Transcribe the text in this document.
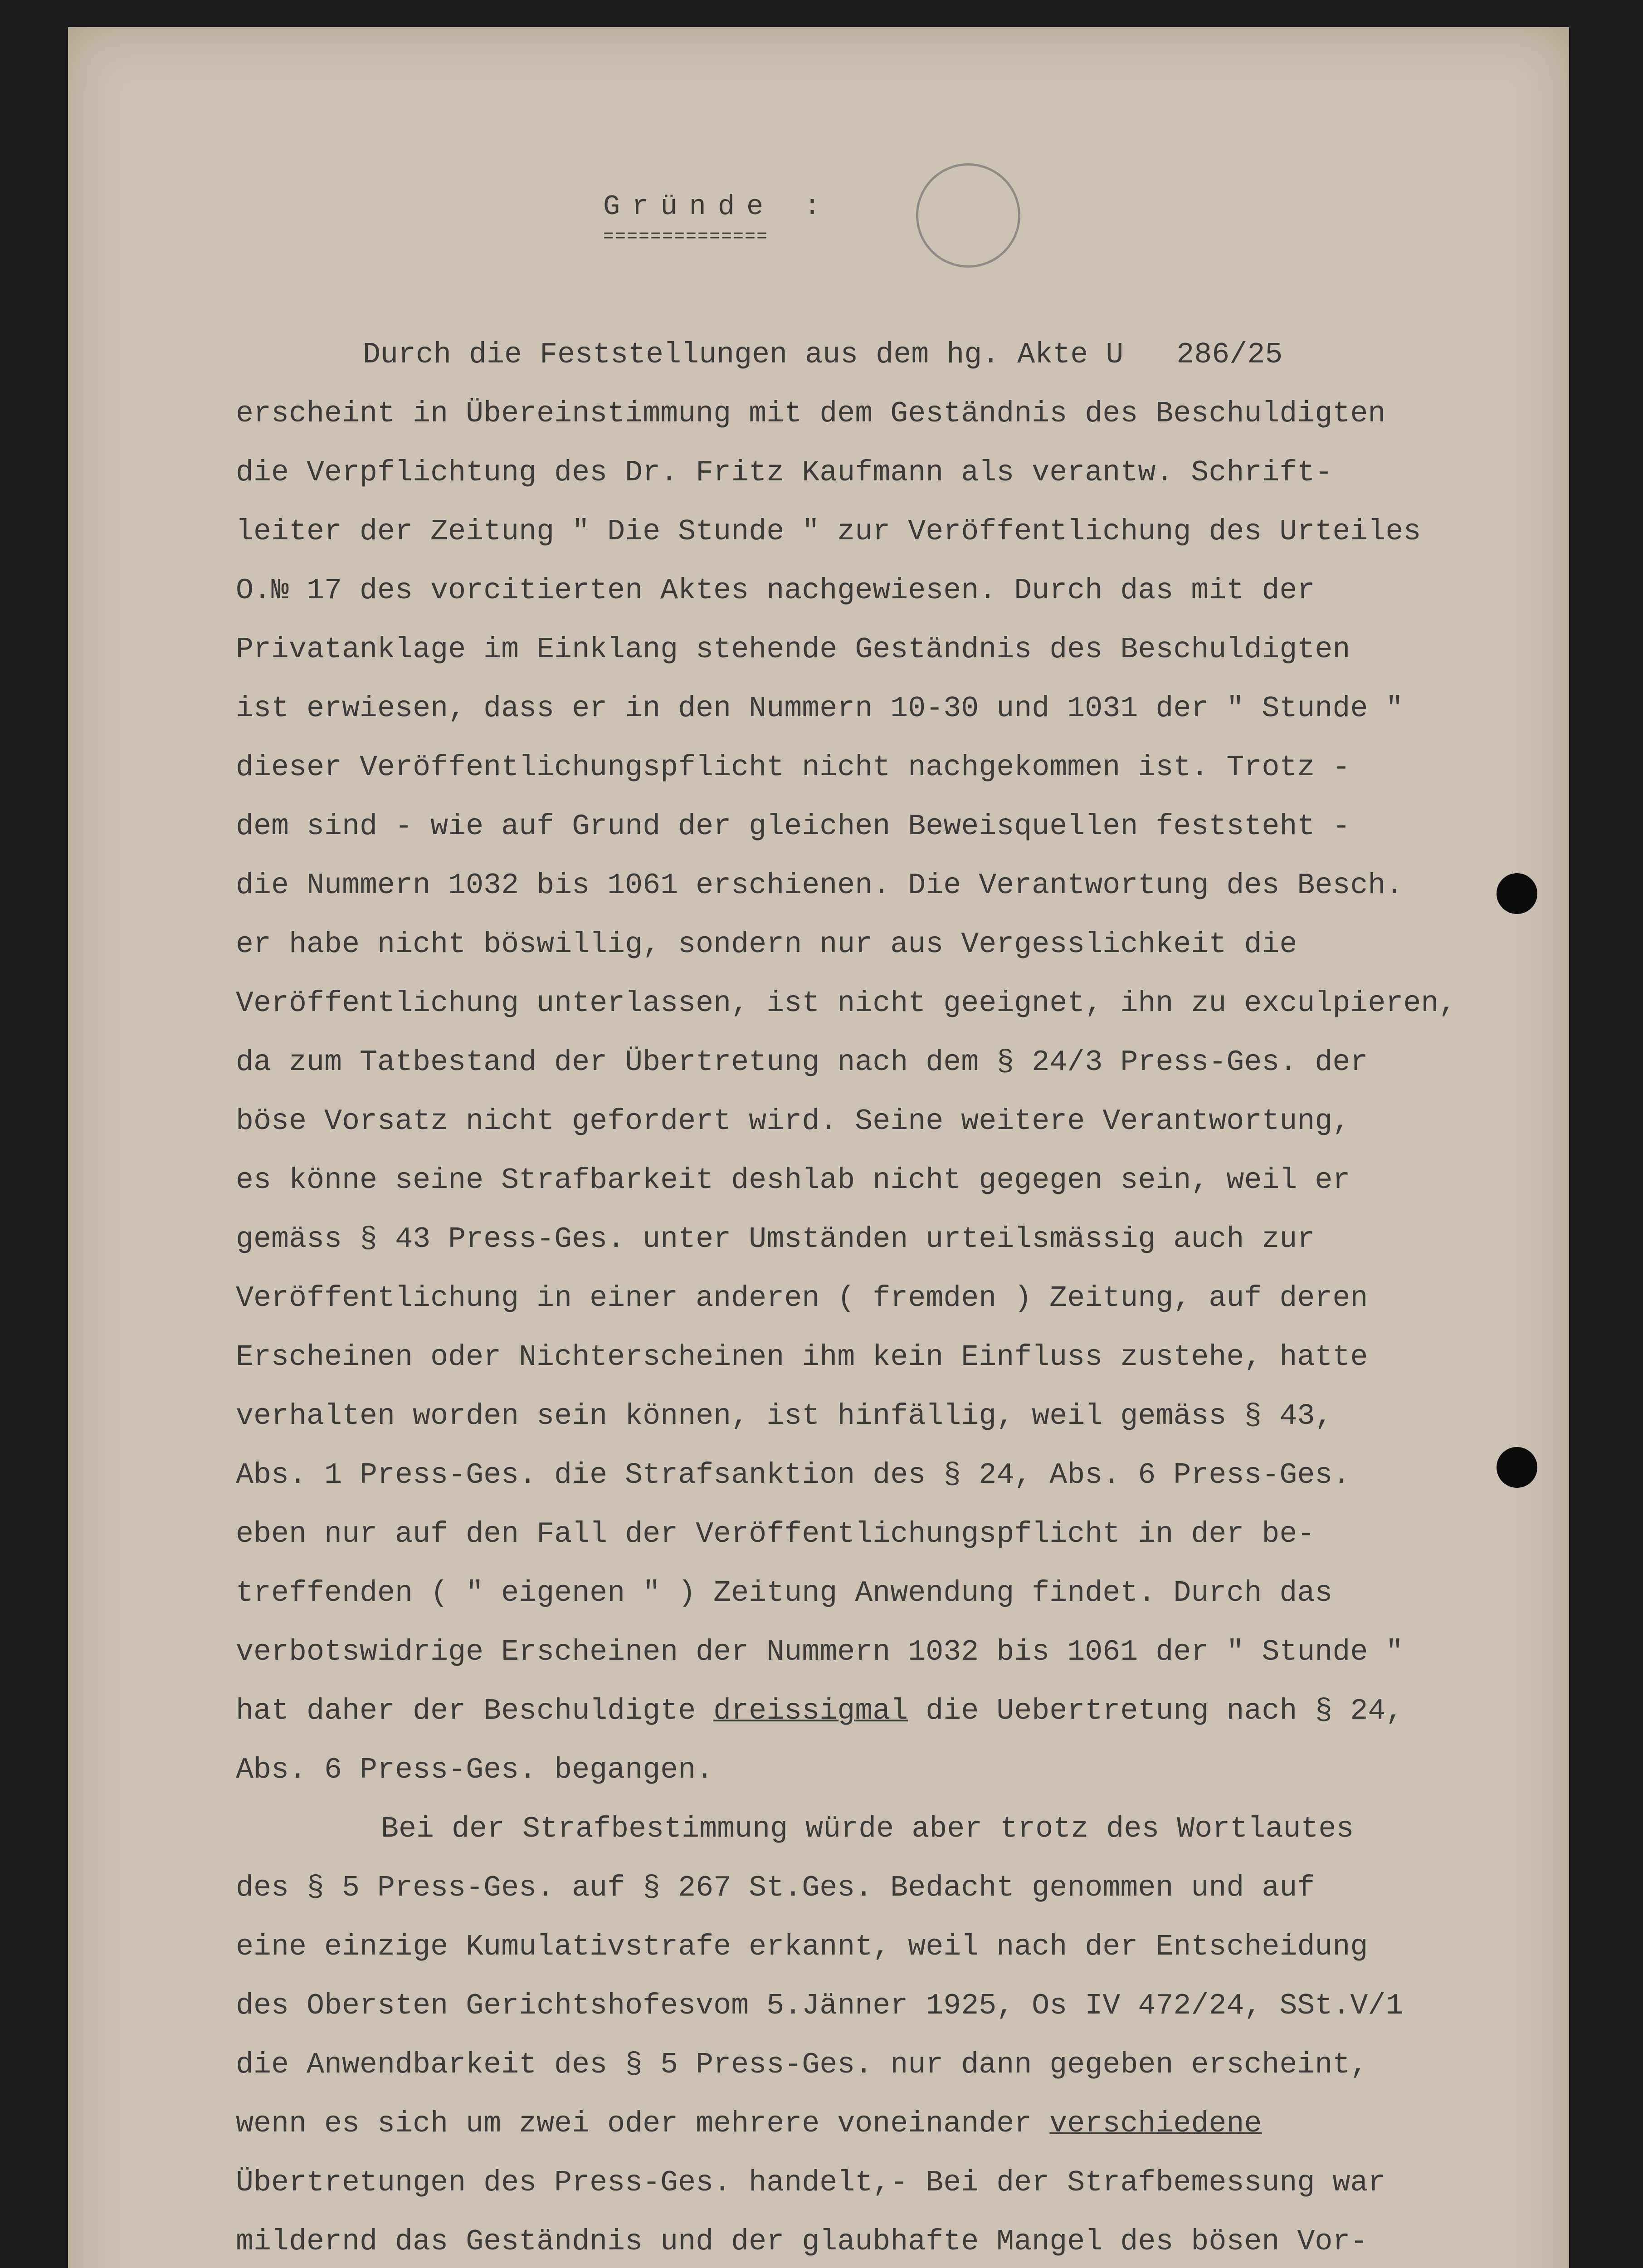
Gründe :
==============
Durch die Feststellungen aus dem hg. Akte U   286/25
erscheint in Übereinstimmung mit dem Geständnis des Beschuldigten
die Verpflichtung des Dr. Fritz Kaufmann als verantw. Schrift-
leiter der Zeitung " Die Stunde " zur Veröffentlichung des Urteiles
O.№ 17 des vorcitierten Aktes nachgewiesen. Durch das mit der
Privatanklage im Einklang stehende Geständnis des Beschuldigten
ist erwiesen, dass er in den Nummern 10-30 und 1031 der " Stunde "
dieser Veröffentlichungspflicht nicht nachgekommen ist. Trotz -
dem sind - wie auf Grund der gleichen Beweisquellen feststeht -
die Nummern 1032 bis 1061 erschienen. Die Verantwortung des Besch.
er habe nicht böswillig, sondern nur aus Vergesslichkeit die
Veröffentlichung unterlassen, ist nicht geeignet, ihn zu exculpieren,
da zum Tatbestand der Übertretung nach dem § 24/3 Press-Ges. der
böse Vorsatz nicht gefordert wird. Seine weitere Verantwortung,
es könne seine Strafbarkeit deshlab nicht gegegen sein, weil er
gemäss § 43 Press-Ges. unter Umständen urteilsmässig auch zur
Veröffentlichung in einer anderen ( fremden ) Zeitung, auf deren
Erscheinen oder Nichterscheinen ihm kein Einfluss zustehe, hatte
verhalten worden sein können, ist hinfällig, weil gemäss § 43,
Abs. 1 Press-Ges. die Strafsanktion des § 24, Abs. 6 Press-Ges.
eben nur auf den Fall der Veröffentlichungspflicht in der be-
treffenden ( " eigenen " ) Zeitung Anwendung findet. Durch das
verbotswidrige Erscheinen der Nummern 1032 bis 1061 der " Stunde "
hat daher der Beschuldigte dreissigmal die Uebertretung nach § 24,
Abs. 6 Press-Ges. begangen.
Bei der Strafbestimmung würde aber trotz des Wortlautes
des § 5 Press-Ges. auf § 267 St.Ges. Bedacht genommen und auf
eine einzige Kumulativstrafe erkannt, weil nach der Entscheidung
des Obersten Gerichtshofesvom 5.Jänner 1925, Os IV 472/24, SSt.V/1
die Anwendbarkeit des § 5 Press-Ges. nur dann gegeben erscheint,
wenn es sich um zwei oder mehrere voneinander verschiedene
Übertretungen des Press-Ges. handelt,- Bei der Strafbemessung war
mildernd das Geständnis und der glaubhafte Mangel des bösen Vor-
